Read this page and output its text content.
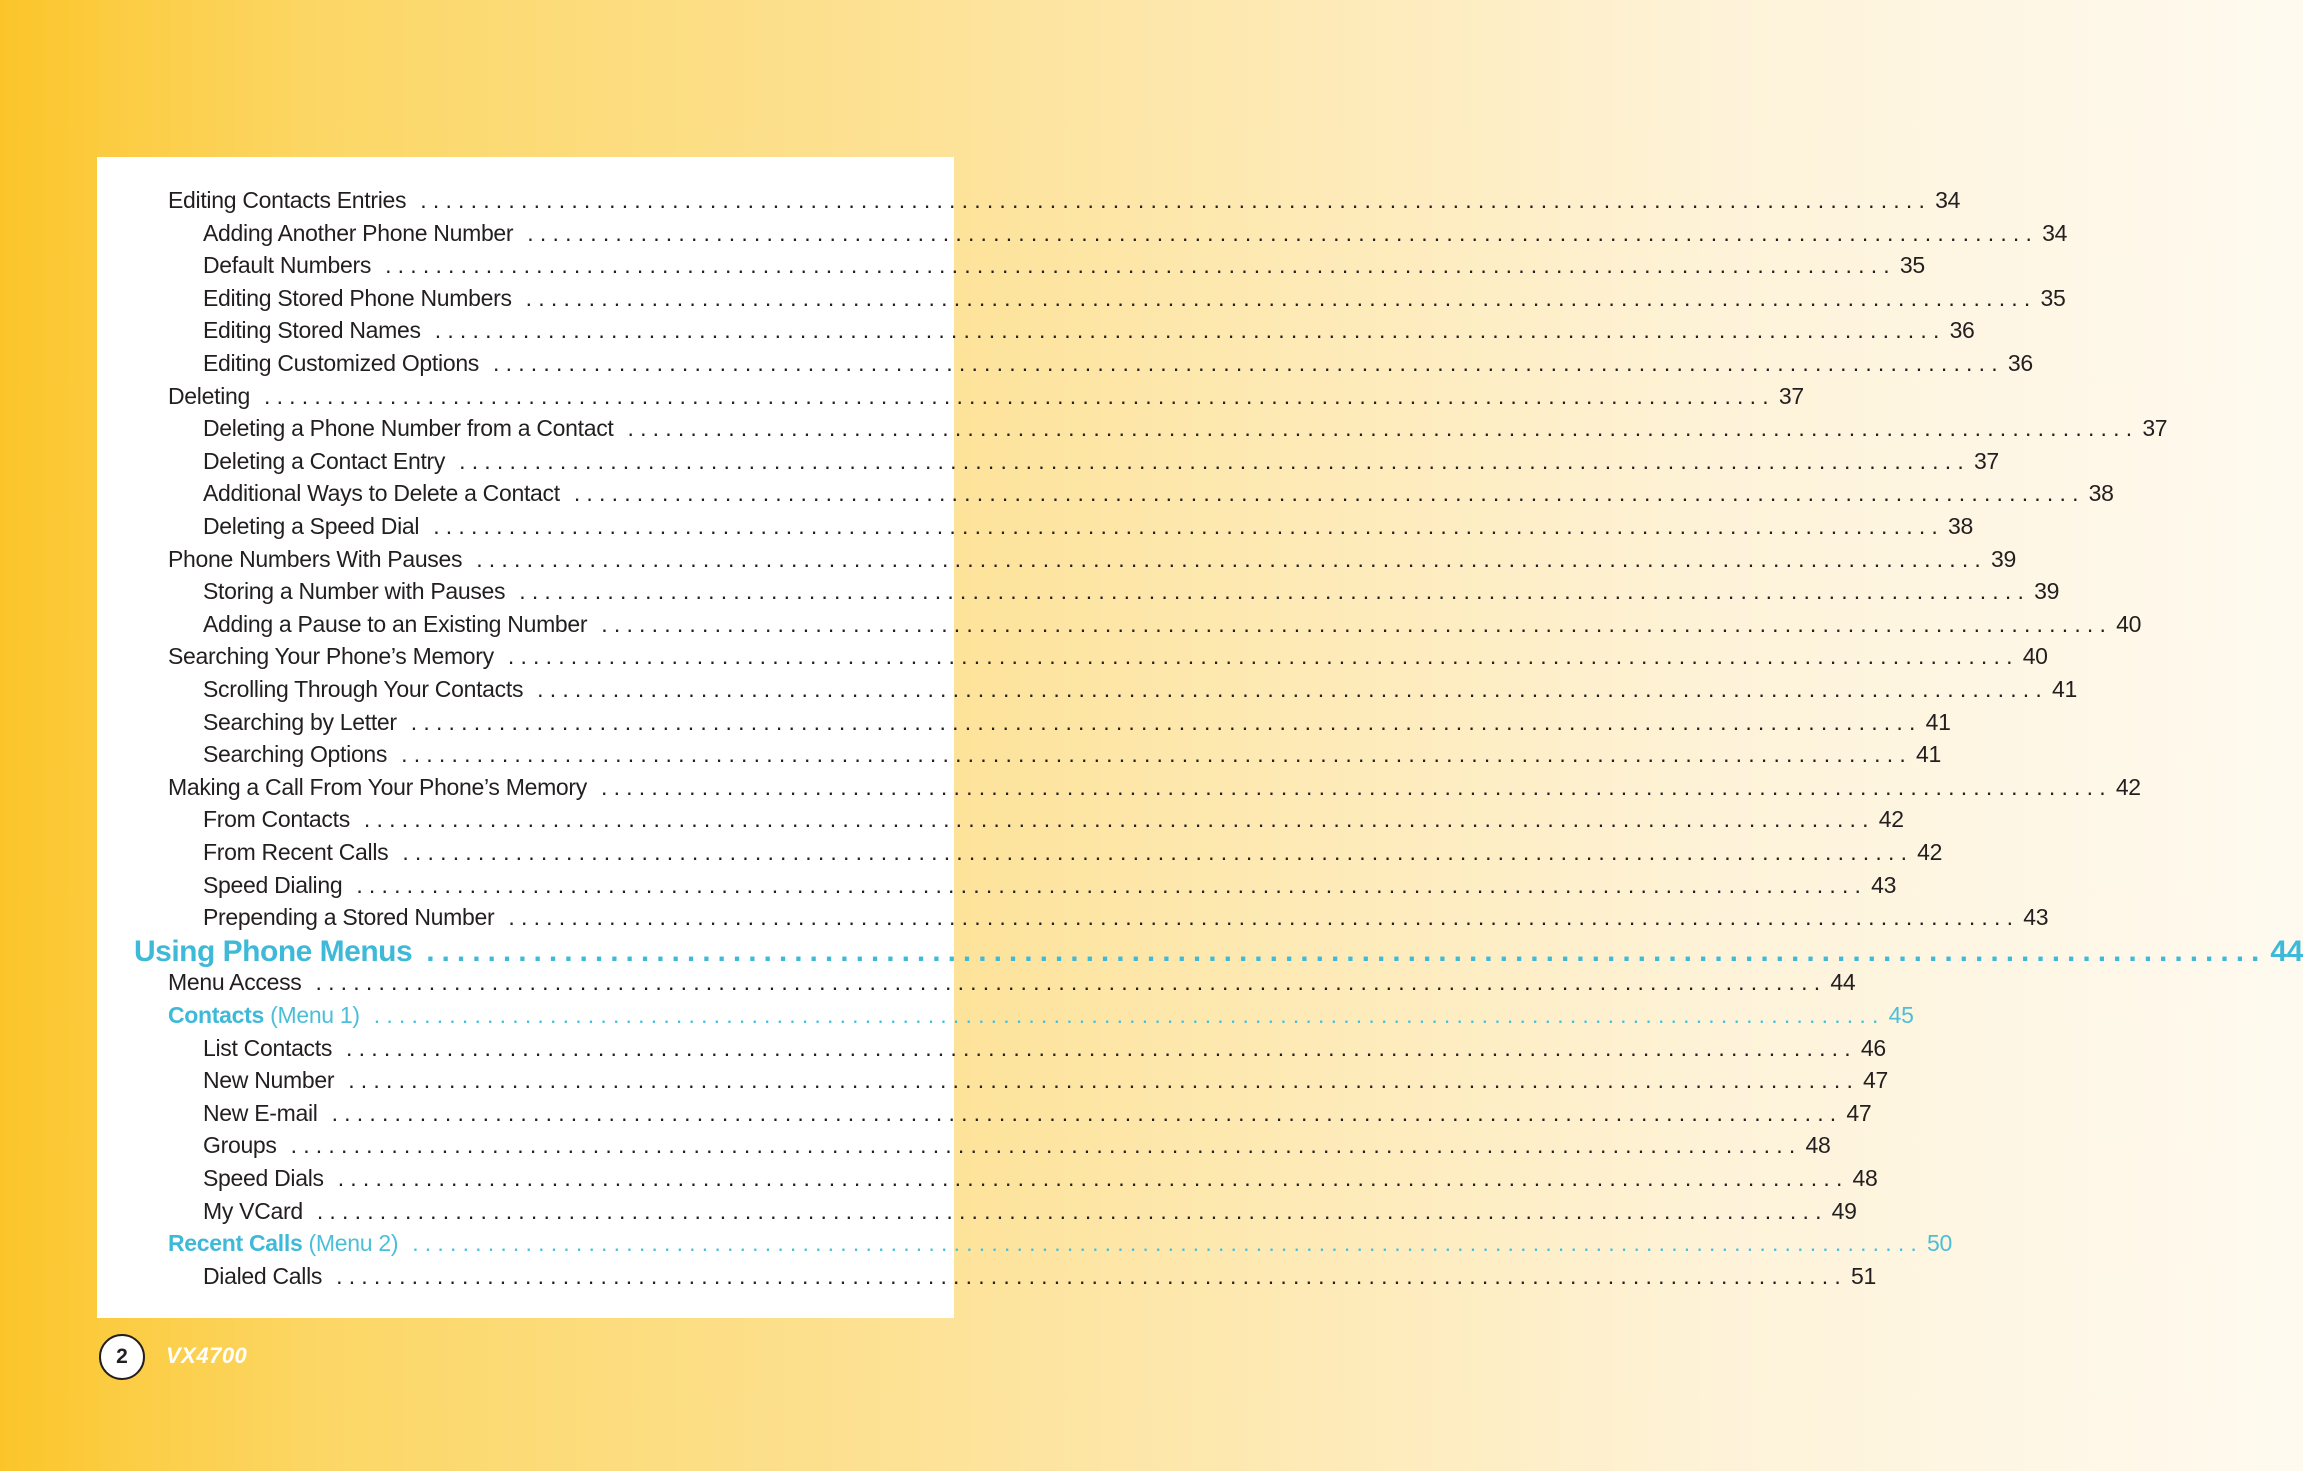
Editing Contacts Entries ........................................................................................................................ 34
Adding Another Phone Number ........................................................................................................................ 34
Default Numbers ........................................................................................................................ 35
Editing Stored Phone Numbers ........................................................................................................................ 35
Editing Stored Names ........................................................................................................................ 36
Editing Customized Options ........................................................................................................................ 36
Deleting ........................................................................................................................ 37
Deleting a Phone Number from a Contact ........................................................................................................................ 37
Deleting a Contact Entry ........................................................................................................................ 37
Additional Ways to Delete a Contact ........................................................................................................................ 38
Deleting a Speed Dial ........................................................................................................................ 38
Phone Numbers With Pauses ........................................................................................................................ 39
Storing a Number with Pauses ........................................................................................................................ 39
Adding a Pause to an Existing Number ........................................................................................................................ 40
Searching Your Phone’s Memory ........................................................................................................................ 40
Scrolling Through Your Contacts ........................................................................................................................ 41
Searching by Letter ........................................................................................................................ 41
Searching Options ........................................................................................................................ 41
Making a Call From Your Phone’s Memory ........................................................................................................................ 42
From Contacts ........................................................................................................................ 42
From Recent Calls ........................................................................................................................ 42
Speed Dialing ........................................................................................................................ 43
Prepending a Stored Number ........................................................................................................................ 43
Using Phone Menus ........................................................................................................................ 44
Menu Access ........................................................................................................................ 44
Contacts (Menu 1) ........................................................................................................................ 45
List Contacts ........................................................................................................................ 46
New Number ........................................................................................................................ 47
New E-mail ........................................................................................................................ 47
Groups ........................................................................................................................ 48
Speed Dials ........................................................................................................................ 48
My VCard ........................................................................................................................ 49
Recent Calls (Menu 2) ........................................................................................................................ 50
Dialed Calls ........................................................................................................................ 51
2 VX4700
